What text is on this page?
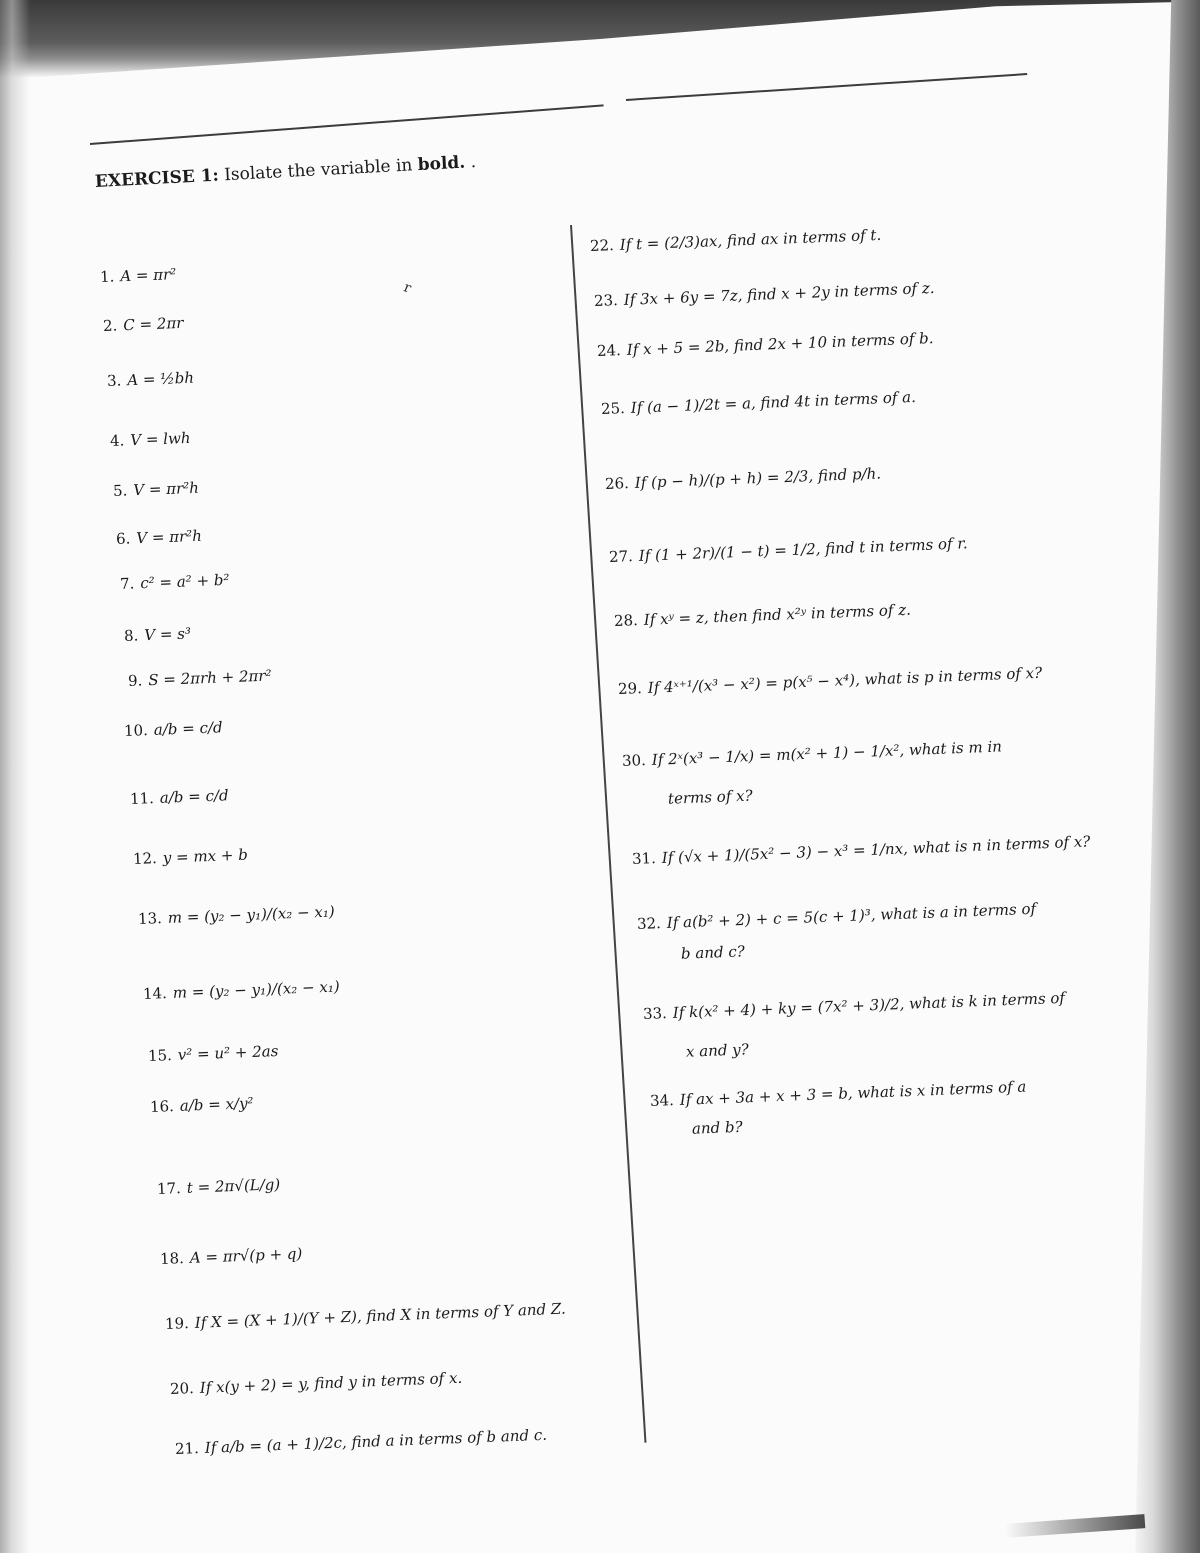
EXERCISE 1: Isolate the variable in bold. .
r
1. A = πr²
2. C = 2πr
3. A = ½bh
4. V = lwh
5. V = πr²h
6. V = πr²h
7. c² = a² + b²
8. V = s³
9. S = 2πrh + 2πr²
10. a/b = c/d
11. a/b = c/d
12. y = mx + b
13. m = (y₂ − y₁)/(x₂ − x₁)
14. m = (y₂ − y₁)/(x₂ − x₁)
15. v² = u² + 2as
16. a/b = x/y²
17. t = 2π√(L/g)
18. A = πr√(p + q)
19. If X = (X + 1)/(Y + Z), find X in terms of Y and Z.
20. If x(y + 2) = y, find y in terms of x.
21. If a/b = (a + 1)/2c, find a in terms of b and c.
22. If t = (2/3)ax, find ax in terms of t.
23. If 3x + 6y = 7z, find x + 2y in terms of z.
24. If x + 5 = 2b, find 2x + 10 in terms of b.
25. If (a − 1)/2t = a, find 4t in terms of a.
26. If (p − h)/(p + h) = 2/3, find p/h.
27. If (1 + 2r)/(1 − t) = 1/2, find t in terms of r.
28. If xʸ = z, then find x²ʸ in terms of z.
29. If 4ˣ⁺¹/(x³ − x²) = p(x⁵ − x⁴), what is p in terms of x?
30. If 2ˣ(x³ − 1/x) = m(x² + 1) − 1/x², what is m in
terms of x?
31. If (√x + 1)/(5x² − 3) − x³ = 1/nx, what is n in terms of x?
32. If a(b² + 2) + c = 5(c + 1)³, what is a in terms of
b and c?
33. If k(x² + 4) + ky = (7x² + 3)/2, what is k in terms of
x and y?
34. If ax + 3a + x + 3 = b, what is x in terms of a
and b?
